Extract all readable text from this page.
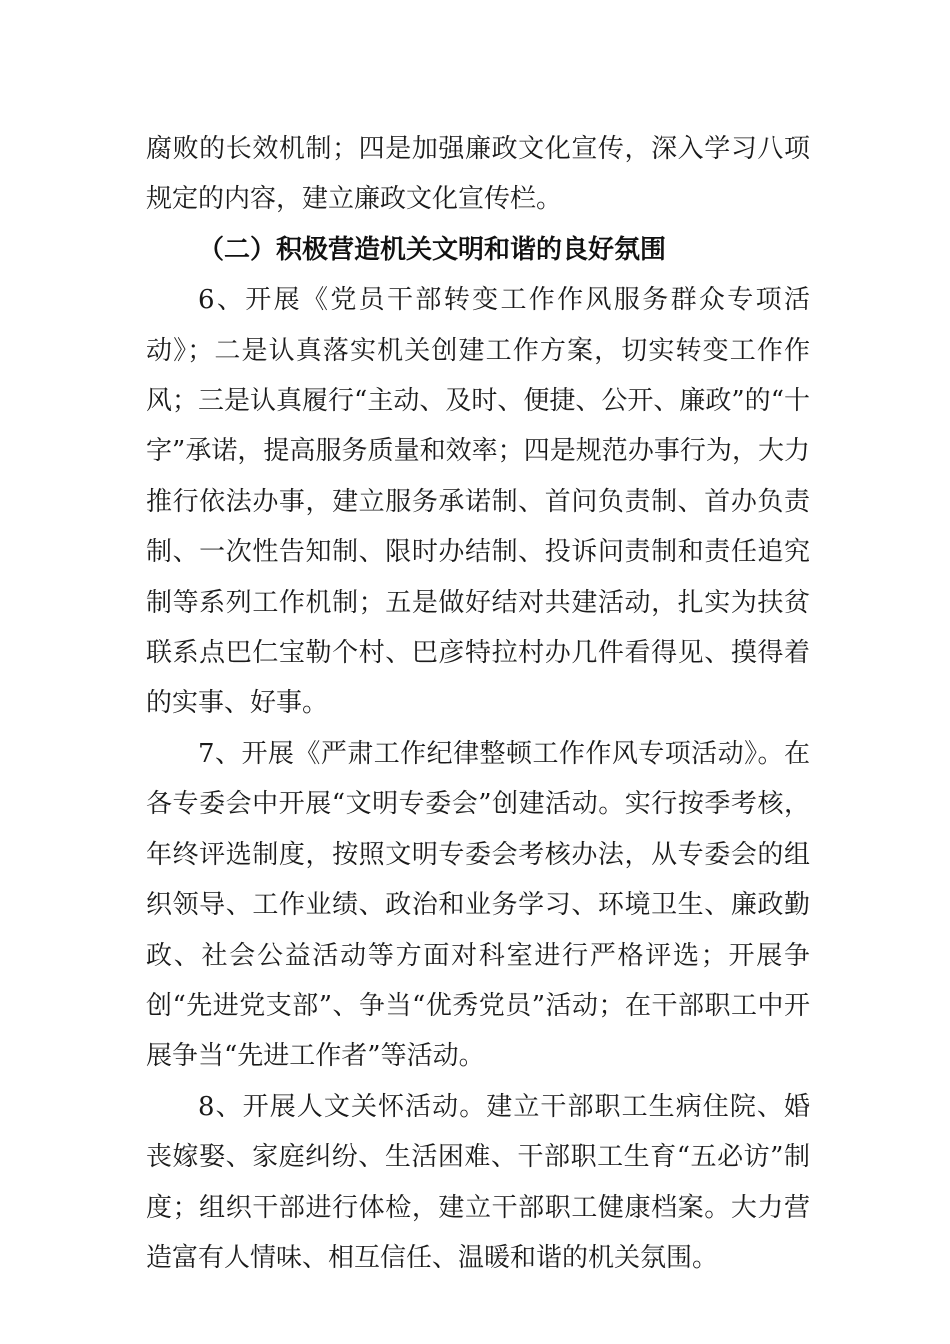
腐败的长效机制；四是加强廉政文化宣传，深入学习八项规定的内容，建立廉政文化宣传栏。

（二）积极营造机关文明和谐的良好氛围

6、开展《党员干部转变工作作风服务群众专项活动》；二是认真落实机关创建工作方案，切实转变工作作风；三是认真履行“主动、及时、便捷、公开、廉政”的“十字”承诺，提高服务质量和效率；四是规范办事行为，大力推行依法办事，建立服务承诺制、首问负责制、首办负责制、一次性告知制、限时办结制、投诉问责制和责任追究制等系列工作机制；五是做好结对共建活动，扎实为扶贫联系点巴仁宝勒个村、巴彦特拉村办几件看得见、摸得着的实事、好事。

7、开展《严肃工作纪律整顿工作作风专项活动》。在各专委会中开展“文明专委会”创建活动。实行按季考核，年终评选制度，按照文明专委会考核办法，从专委会的组织领导、工作业绩、政治和业务学习、环境卫生、廉政勤政、社会公益活动等方面对科室进行严格评选；开展争创“先进党支部”、争当“优秀党员”活动；在干部职工中开展争当“先进工作者”等活动。

8、开展人文关怀活动。建立干部职工生病住院、婚丧嫁娶、家庭纠纷、生活困难、干部职工生育“五必访”制度；组织干部进行体检，建立干部职工健康档案。大力营造富有人情味、相互信任、温暖和谐的机关氛围。
